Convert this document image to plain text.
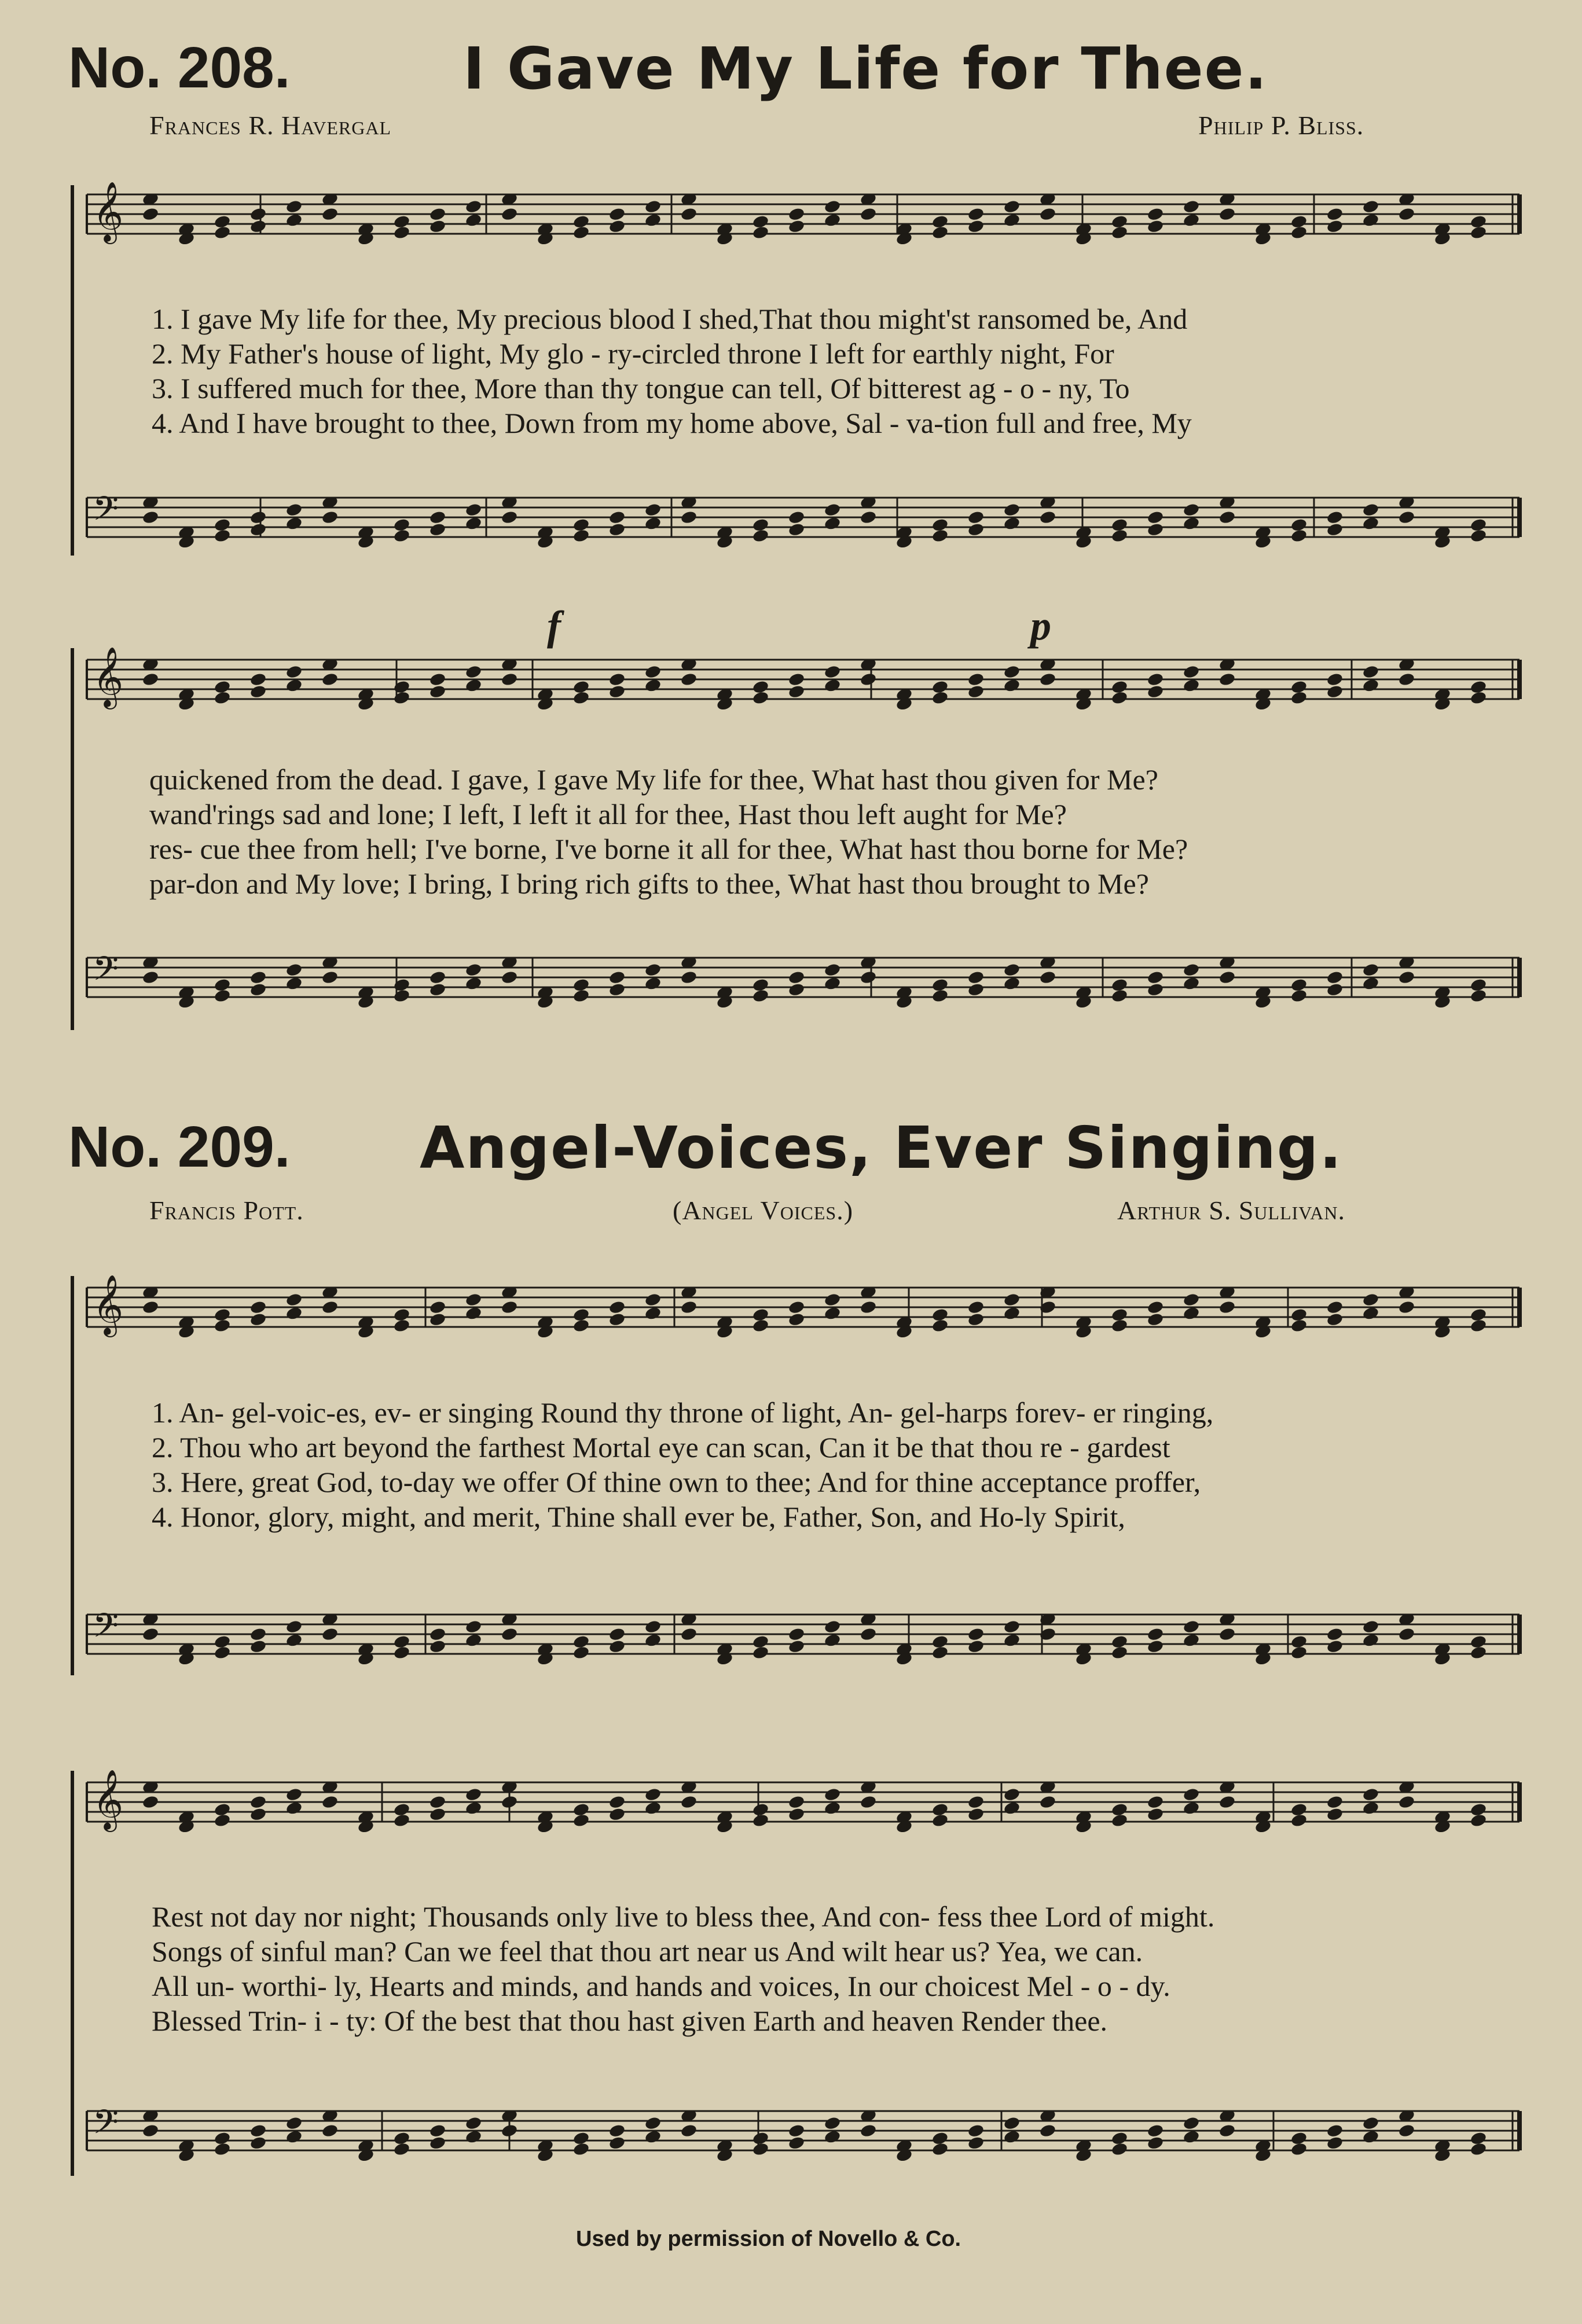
No. 208.	I Gave My Life for Thee.
Frances R. Havergal	Philip P. Bliss.
1. I gave My life for thee, My precious blood I shed,That thou might'st ransomed be, And
2. My Father's house of light, My glo - ry-circled throne I left for earthly night, For
3. I suffered much for thee, More than thy tongue can tell, Of bitterest ag - o - ny, To
4. And I have brought to thee, Down from my home above, Sal - va-tion full and free, My
f	p
quickened from the dead. I gave, I gave My life for thee, What hast thou given for Me?
wand'rings sad and lone; I left, I left it all for thee, Hast thou left aught for Me?
res- cue thee from hell; I've borne, I've borne it all for thee, What hast thou borne for Me?
par-don and My love; I bring, I bring rich gifts to thee, What hast thou brought to Me?
No. 209. Angel-Voices, Ever Singing.
Francis Pott.	(Angel Voices.)	Arthur S. Sullivan.
1. An- gel-voic-es, ev- er singing Round thy throne of light, An- gel-harps forev- er ringing,
2. Thou who art beyond the farthest Mortal eye can scan, Can it be that thou re - gardest
3. Here, great God, to-day we offer Of thine own to thee; And for thine acceptance proffer,
4. Honor, glory, might, and merit, Thine shall ever be, Father, Son, and Ho-ly Spirit,
Rest not day nor night; Thousands only live to bless thee, And con- fess thee Lord of might.
Songs of sinful man? Can we feel that thou art near us And wilt hear us? Yea, we can.
All un- worthi- ly, Hearts and minds, and hands and voices, In our choicest Mel - o - dy.
Blessed Trin- i - ty: Of the best that thou hast given Earth and heaven Render thee.
Used by permission of Novello & Co.
𝄞
𝄢
𝄞
𝄢
𝄞
𝄢
𝄞
𝄢
